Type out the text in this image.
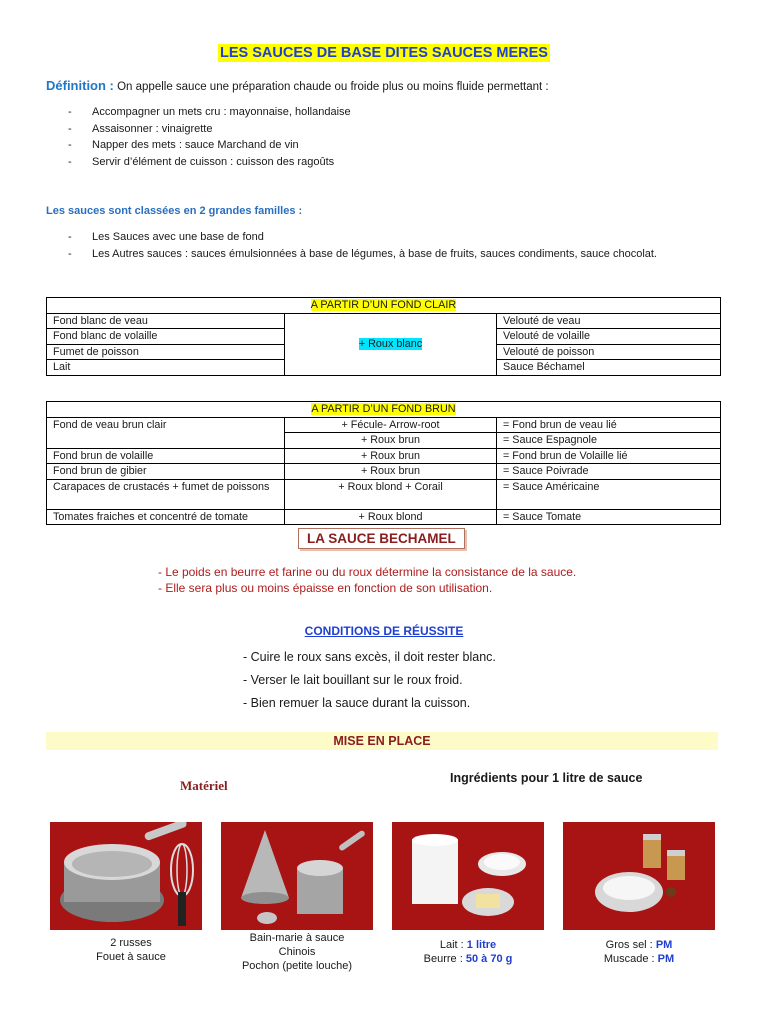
LES SAUCES DE BASE DITES SAUCES MERES
Définition : On appelle sauce une préparation chaude ou froide plus ou moins fluide permettant :
- Accompagner un mets cru : mayonnaise, hollandaise
- Assaisonner : vinaigrette
- Napper des mets : sauce Marchand de vin
- Servir d’élément de cuisson : cuisson des ragoûts
Les sauces sont classées en 2 grandes familles :
- Les Sauces avec une base de fond
- Les Autres sauces : sauces émulsionnées à base de légumes, à base de fruits, sauces condiments, sauce chocolat.
A PARTIR D’UN FOND CLAIR		
Fond blanc de veau	+ Roux blanc	Velouté de veau
Fond blanc de volaille		Velouté de volaille
Fumet de poisson		Velouté de poisson
Lait		Sauce Béchamel
A PARTIR D’UN FOND BRUN		
Fond de veau brun clair	+ Fécule- Arrow-root	= Fond brun de veau lié
	+ Roux brun	= Sauce Espagnole
Fond brun de volaille	+ Roux brun	= Fond brun de Volaille lié
Fond brun de gibier	+ Roux brun	= Sauce Poivrade
Carapaces de crustacés + fumet de poissons	+ Roux blond + Corail	= Sauce Américaine
Tomates fraiches et concentré de tomate	+ Roux blond	= Sauce Tomate
LA SAUCE BECHAMEL
- Le poids en beurre et farine ou du roux détermine la consistance de la sauce.
- Elle sera plus ou moins épaisse en fonction de son utilisation.
CONDITIONS DE RÉUSSITE
- Cuire le roux sans excès, il doit rester blanc.
- Verser le lait bouillant sur le roux froid.
- Bien remuer la sauce durant la cuisson.
MISE EN PLACE
Matériel	Ingrédients pour 1 litre de sauce
2 russes
Fouet à sauce
Bain-marie à sauce
Chinois
Pochon (petite louche)
Lait : 1 litre
Beurre : 50 à 70 g
Gros sel : PM
Muscade : PM
